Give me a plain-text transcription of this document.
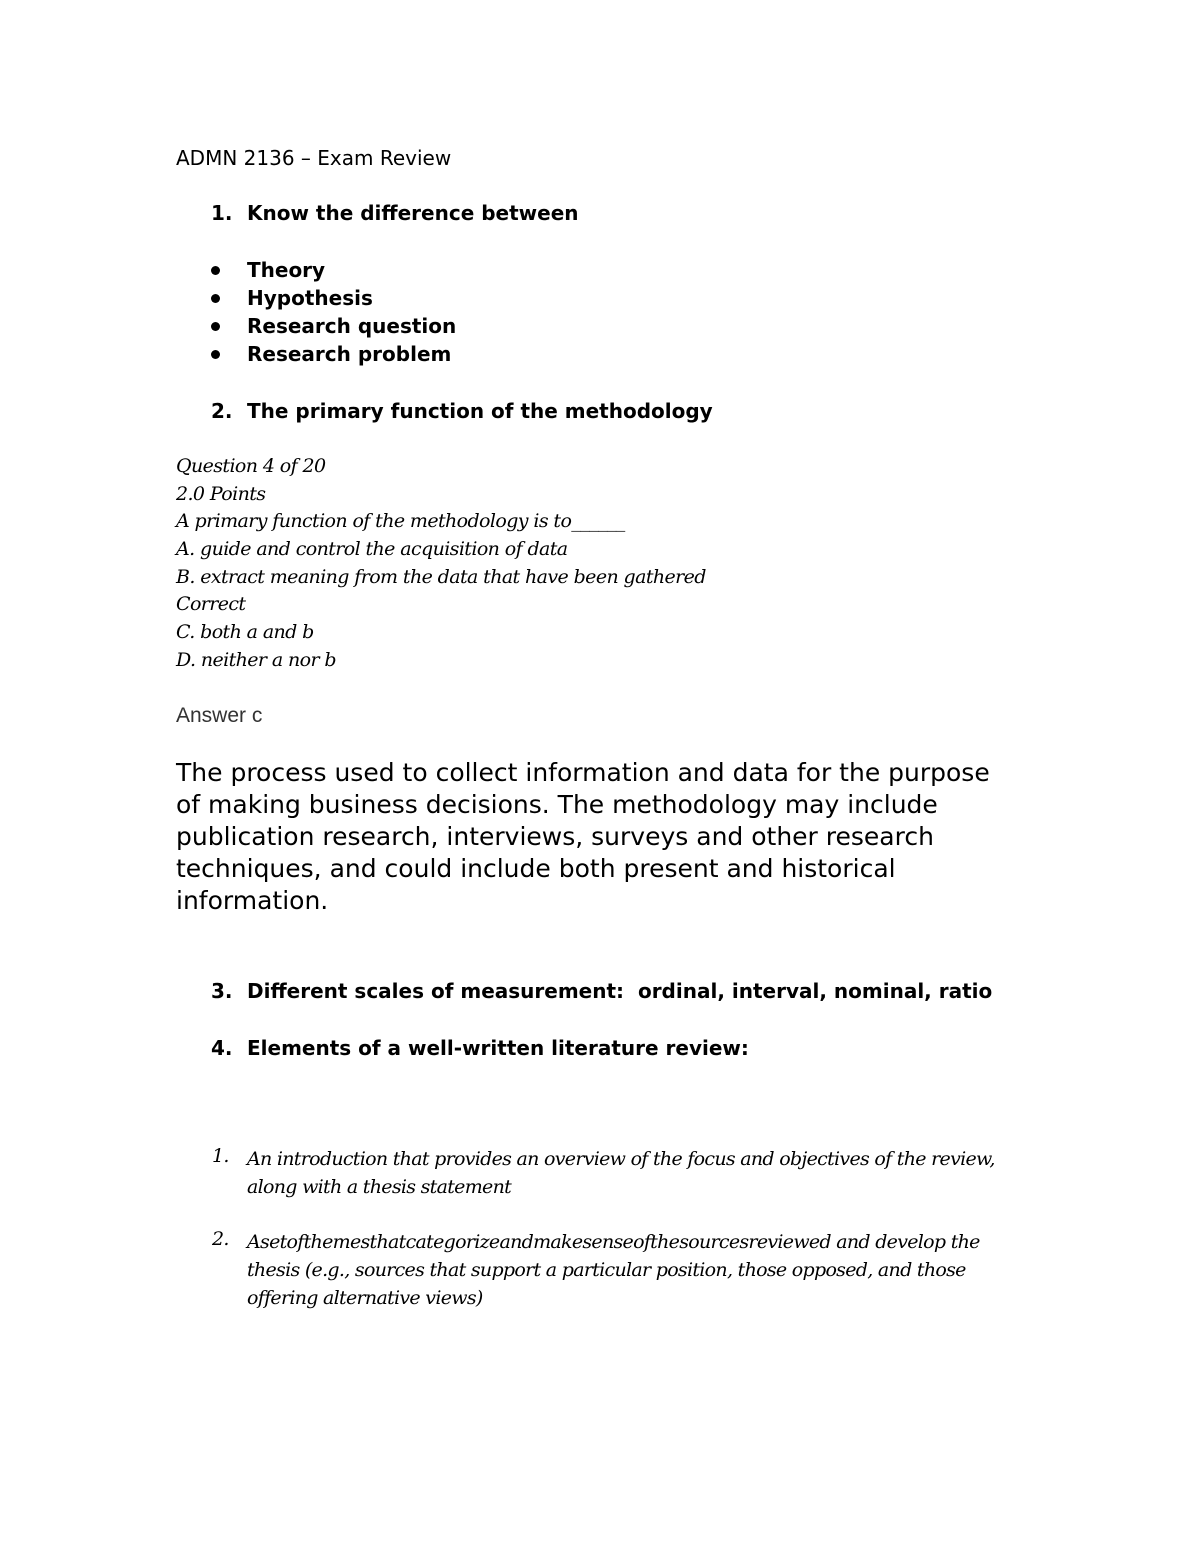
ADMN 2136 – Exam Review
1. Know the difference between
Theory
Hypothesis
Research question
Research problem
2. The primary function of the methodology
Question 4 of 20
2.0 Points
A primary function of the methodology is to______
A. guide and control the acquisition of data
B. extract meaning from the data that have been gathered
Correct
C. both a and b
D. neither a nor b
Answer c
The process used to collect information and data for the purpose of making business decisions. The methodology may include publication research, interviews, surveys and other research techniques, and could include both present and historical information.
3. Different scales of measurement:  ordinal, interval, nominal, ratio
4. Elements of a well-written literature review:
1. An introduction that provides an overview of the focus and objectives of the review, along with a thesis statement
2. Asetofthemesthatcategorizeandmakesenseofthesourcesreviewed and develop the thesis (e.g., sources that support a particular position, those opposed, and those offering alternative views)
